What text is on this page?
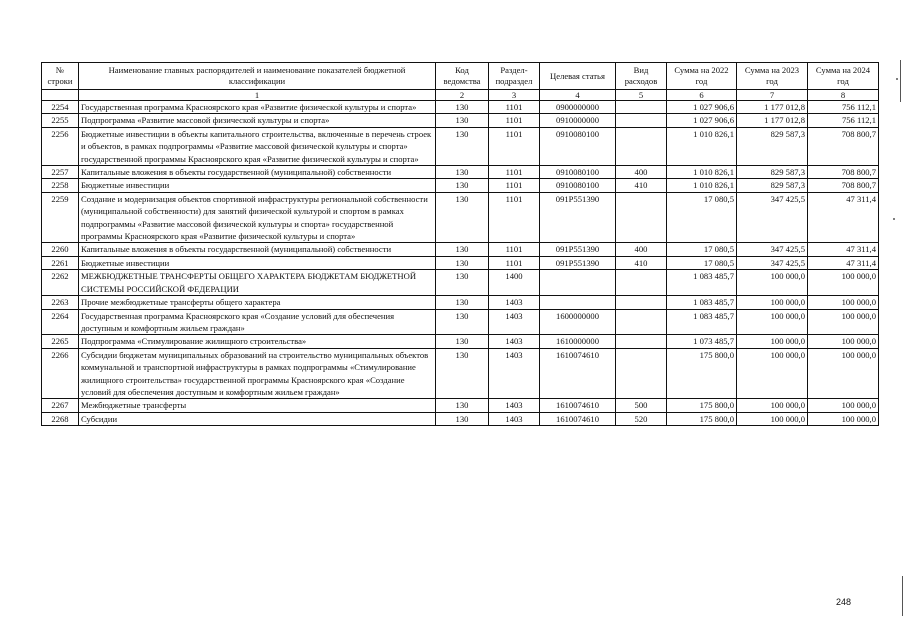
№ строки	Наименование главных распорядителей и наименование показателей бюджетной классификации	Код ведомства	Раздел-подраздел	Целевая статья	Вид расходов	Сумма на 2022 год	Сумма на 2023 год	Сумма на 2024 год
	1	2	3	4	5	6	7	8
2254	Государственная программа Красноярского края «Развитие физической культуры и спорта»	130	1101	0900000000		1 027 906,6	1 177 012,8	756 112,1
2255	Подпрограмма «Развитие массовой физической культуры и спорта»	130	1101	0910000000		1 027 906,6	1 177 012,8	756 112,1
2256	Бюджетные инвестиции в объекты капитального строительства, включенные в перечень строек и объектов, в рамках подпрограммы «Развитие массовой физической культуры и спорта» государственной программы Красноярского края «Развитие физической культуры и спорта»	130	1101	0910080100		1 010 826,1	829 587,3	708 800,7
2257	Капитальные вложения в объекты государственной (муниципальной) собственности	130	1101	0910080100	400	1 010 826,1	829 587,3	708 800,7
2258	Бюджетные инвестиции	130	1101	0910080100	410	1 010 826,1	829 587,3	708 800,7
2259	Создание и модернизация объектов спортивной инфраструктуры региональной собственности (муниципальной собственности) для занятий физической культурой и спортом в рамках подпрограммы «Развитие массовой физической культуры и спорта» государственной программы Красноярского края «Развитие физической культуры и спорта»	130	1101	091P551390		17 080,5	347 425,5	47 311,4
2260	Капитальные вложения в объекты государственной (муниципальной) собственности	130	1101	091P551390	400	17 080,5	347 425,5	47 311,4
2261	Бюджетные инвестиции	130	1101	091P551390	410	17 080,5	347 425,5	47 311,4
2262	МЕЖБЮДЖЕТНЫЕ ТРАНСФЕРТЫ ОБЩЕГО ХАРАКТЕРА БЮДЖЕТАМ БЮДЖЕТНОЙ СИСТЕМЫ РОССИЙСКОЙ ФЕДЕРАЦИИ	130	1400			1 083 485,7	100 000,0	100 000,0
2263	Прочие межбюджетные трансферты общего характера	130	1403			1 083 485,7	100 000,0	100 000,0
2264	Государственная программа Красноярского края «Создание условий для обеспечения доступным и комфортным жильем граждан»	130	1403	1600000000		1 083 485,7	100 000,0	100 000,0
2265	Подпрограмма «Стимулирование жилищного строительства»	130	1403	1610000000		1 073 485,7	100 000,0	100 000,0
2266	Субсидии бюджетам муниципальных образований на строительство муниципальных объектов коммунальной и транспортной инфраструктуры в рамках подпрограммы «Стимулирование жилищного строительства» государственной программы Красноярского края «Создание условий для обеспечения доступным и комфортным жильем граждан»	130	1403	1610074610		175 800,0	100 000,0	100 000,0
2267	Межбюджетные трансферты	130	1403	1610074610	500	175 800,0	100 000,0	100 000,0
2268	Субсидии	130	1403	1610074610	520	175 800,0	100 000,0	100 000,0
248
